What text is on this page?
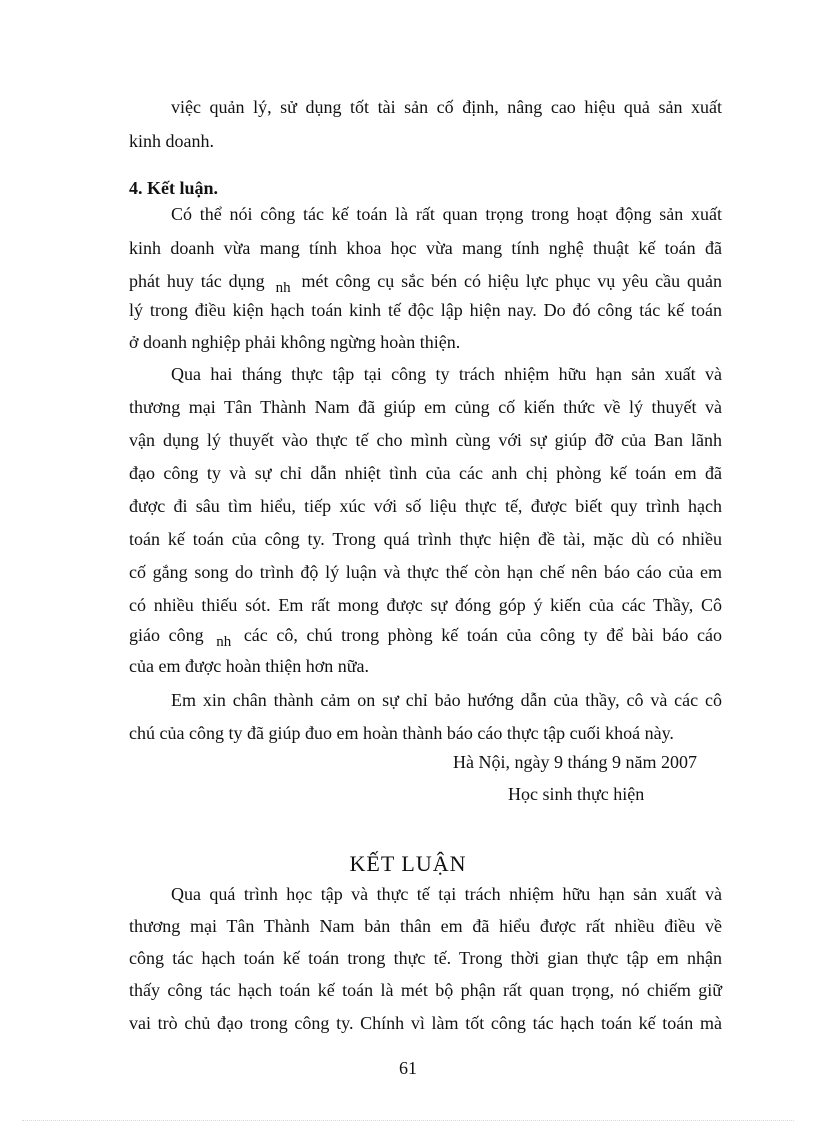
việc quản lý, sử dụng tốt tài sản cố định, nâng cao hiệu quả sản xuất
kinh doanh.
4. Kết luận.
Có thể nói công tác kế toán là rất quan trọng trong hoạt động sản xuất
kinh doanh vừa mang tính khoa học vừa mang tính nghệ thuật kế toán đã
phát huy tác dụng $_{nh}$ mét công cụ sắc bén có hiệu lực phục vụ yêu cầu quản
lý trong điều kiện hạch toán kinh tế độc lập hiện nay. Do đó công tác kế toán
ở doanh nghiệp phải không ngừng hoàn thiện.
Qua hai tháng thực tập tại công ty trách nhiệm hữu hạn sản xuất và
thương mại Tân Thành Nam đã giúp em củng cố kiến thức về lý thuyết và
vận dụng lý thuyết vào thực tế cho mình cùng với sự giúp đỡ của Ban lãnh
đạo công ty và sự chỉ dẫn nhiệt tình của các anh chị phòng kế toán em đã
được đi sâu tìm hiểu, tiếp xúc với số liệu thực tế, được biết quy trình hạch
toán kế toán của công ty. Trong quá trình thực hiện đề tài, mặc dù có nhiều
cố gắng song do trình độ lý luận và thực thế còn hạn chế nên báo cáo của em
có nhiều thiếu sót. Em rất mong được sự đóng góp ý kiến của các Thầy, Cô
giáo công $_{nh}$ các cô, chú trong phòng kế toán của công ty để bài báo cáo
của em được hoàn thiện hơn nữa.
Em xin chân thành cảm on sự chỉ bảo hướng dẫn của thầy, cô và các cô
chú của công ty đã giúp đuo em hoàn thành báo cáo thực tập cuối khoá này.
Hà Nội, ngày 9 tháng 9 năm 2007
Học sinh thực hiện
KẾT LUẬN
Qua quá trình học tập và thực tế tại trách nhiệm hữu hạn sản xuất và
thương mại Tân Thành Nam bản thân em đã hiểu được rất nhiều điều về
công tác hạch toán kế toán trong thực tế. Trong thời gian thực tập em nhận
thấy công tác hạch toán kế toán là mét bộ phận rất quan trọng, nó chiếm giữ
vai trò chủ đạo trong công ty. Chính vì làm tốt công tác hạch toán kế toán mà
61
